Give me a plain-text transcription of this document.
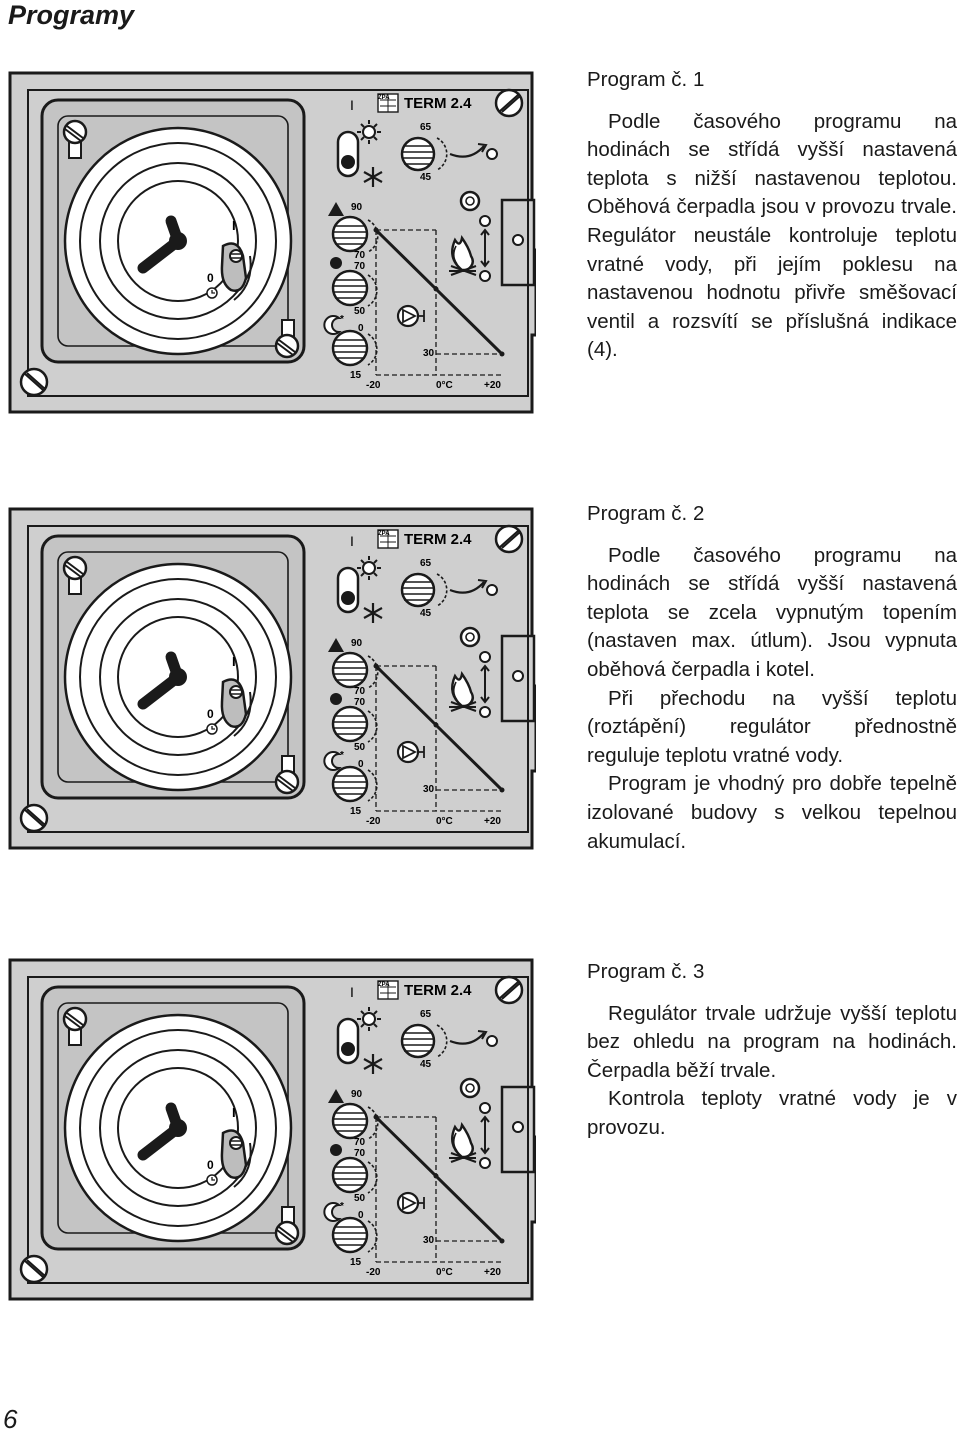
Programy
I
0
ZPA TERM 2.4
I
65
45
*
90
70
70
50
0
15
30
-20	0°C	+20
I
0
ZPA TERM 2.4
I
65
45
*
90
70
70
50
0
15
30
-20	0°C	+20
I
0
ZPA TERM 2.4
I
65
45
*
90
70
70
50
0
15
30
-20	0°C	+20

Program č. 1

Podle časového programu na hodinách se střídá vyšší nastavená teplota s nižší nastavenou teplotou. Oběhová čerpadla jsou v provozu trvale. Regulátor neustále kontroluje teplotu vratné vody, při jejím poklesu na nastavenou hodnotu přivře směšovací ventil a rozsvítí se příslušná indikace (4).

Program č. 2

Podle časového programu na hodinách se střídá vyšší nastavená teplota se zcela vypnutým topením (nastaven max. útlum). Jsou vypnuta oběhová čerpadla i kotel.

Při přechodu na vyšší teplotu (roztápění) regulátor přednostně reguluje teplotu vratné vody.

Program je vhodný pro dobře tepelně izolované budovy s velkou tepelnou akumulací.

Program č. 3

Regulátor trvale udržuje vyšší teplotu bez ohledu na program na hodinách. Čerpadla běží trvale.

Kontrola teploty vratné vody je v provozu.

6
